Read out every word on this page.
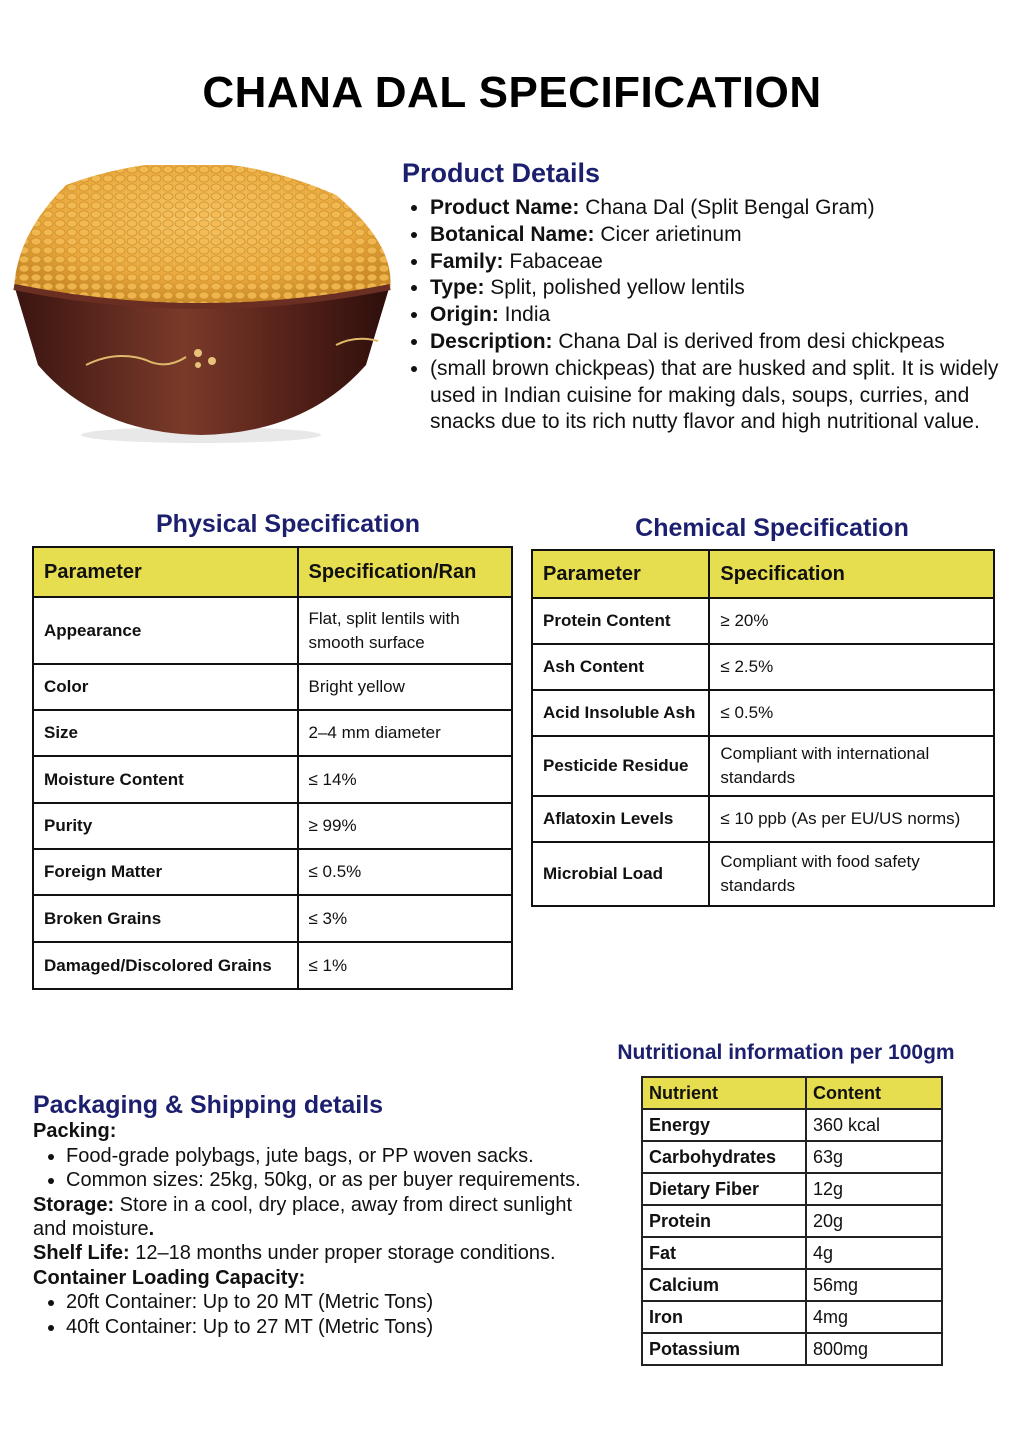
CHANA DAL SPECIFICATION
Product Details
• Product Name: Chana Dal (Split Bengal Gram)
• Botanical Name: Cicer arietinum
• Family: Fabaceae
• Type: Split, polished yellow lentils
• Origin: India
• Description: Chana Dal is derived from desi chickpeas
• (small brown chickpeas) that are husked and split. It is widely used in Indian cuisine for making dals, soups, curries, and snacks due to its rich nutty flavor and high nutritional value.
Physical Specification
Parameter	Specification/Ran
Appearance	Flat, split lentils with smooth surface
Color	Bright yellow
Size	2–4 mm diameter
Moisture Content	≤ 14%
Purity	≥ 99%
Foreign Matter	≤ 0.5%
Broken Grains	≤ 3%
Damaged/Discolored Grains	≤ 1%
Chemical Specification
Parameter	Specification
Protein Content	≥ 20%
Ash Content	≤ 2.5%
Acid Insoluble Ash	≤ 0.5%
Pesticide Residue	Compliant with international standards
Aflatoxin Levels	≤ 10 ppb (As per EU/US norms)
Microbial Load	Compliant with food safety standards
Nutritional information per 100gm
Nutrient	Content
Energy	360 kcal
Carbohydrates	63g
Dietary Fiber	12g
Protein	20g
Fat	4g
Calcium	56mg
Iron	4mg
Potassium	800mg
Packaging & Shipping details

Packing:

• Food-grade polybags, jute bags, or PP woven sacks.
• Common sizes: 25kg, 50kg, or as per buyer requirements.

Storage: Store in a cool, dry place, away from direct sunlight and moisture.

Shelf Life: 12–18 months under proper storage conditions.

Container Loading Capacity:

• 20ft Container: Up to 20 MT (Metric Tons)
• 40ft Container: Up to 27 MT (Metric Tons)
